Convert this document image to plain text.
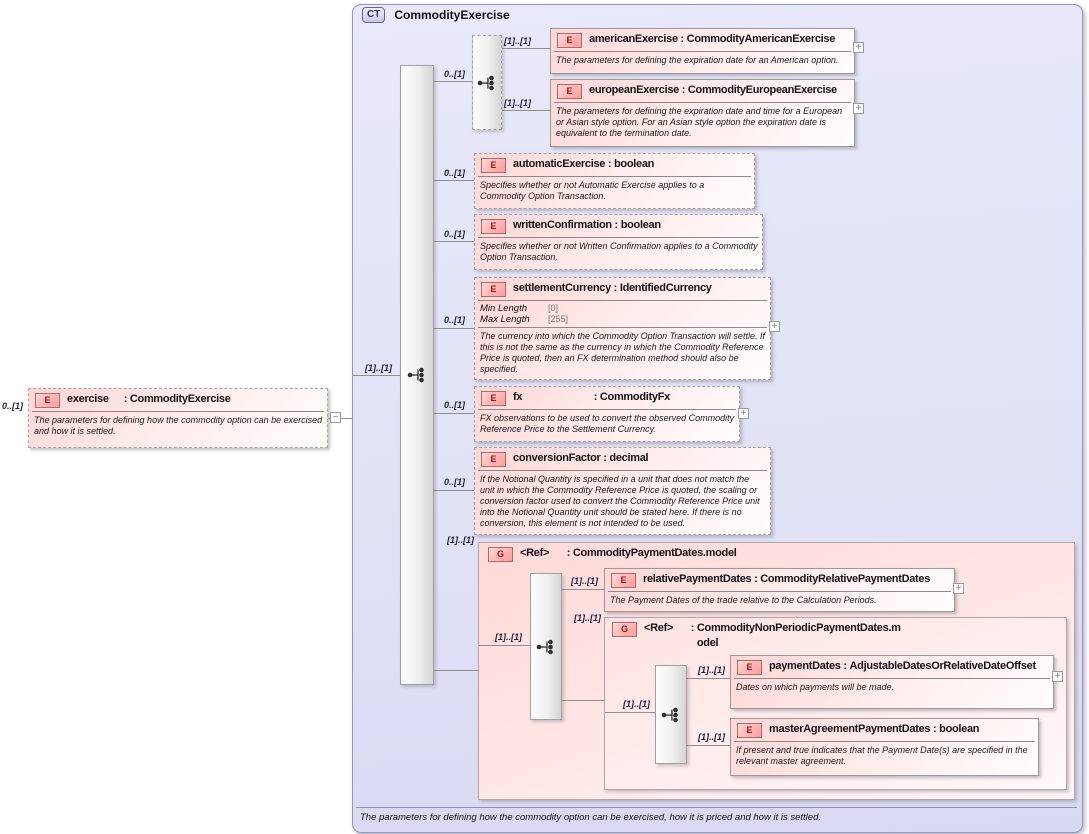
CT	CommodityExercise
The parameters for defining how the commodity option can be exercised, how it is priced and how it is settled.
G	<Ref> : CommodityPaymentDates.model
G	<Ref> : CommodityNonPeriodicPaymentDates.model
0..[1]
[1]..[1]
0..[1]
[1]..[1]
[1]..[1]
0..[1]
0..[1]
0..[1]
0..[1]
0..[1]
[1]..[1]
[1]..[1]
[1]..[1]
[1]..[1]
[1]..[1]
[1]..[1]
[1]..[1]
E	exercise : CommodityExercise
The parameters for defining how the commodity option can be exercised and how it is settled.
−
E	americanExercise : CommodityAmericanExercise
The parameters for defining the expiration date for an American option.
+
E	europeanExercise : CommodityEuropeanExercise
The parameters for defining the expiration date and time for a European or Asian style option. For an Asian style option the expiration date is equivalent to the termination date.
+
E	automaticExercise : boolean
Specifies whether or not Automatic Exercise applies to a Commodity Option Transaction.
E	writtenConfirmation : boolean
Specifies whether or not Written Confirmation applies to a Commodity Option Transaction.
E	settlementCurrency : IdentifiedCurrency
Min Length	[0]
Max Length	[255]
The currency into which the Commodity Option Transaction will settle. If this is not the same as the currency in which the Commodity Reference Price is quoted, then an FX determination method should also be specified.
+
E	fx	: CommodityFx
FX observations to be used to convert the observed Commodity Reference Price to the Settlement Currency.
+
E	conversionFactor : decimal
If the Notional Quantity is specified in a unit that does not match the unit in which the Commodity Reference Price is quoted, the scaling or conversion factor used to convert the Commodity Reference Price unit into the Notional Quantity unit should be stated here. If there is no conversion, this element is not intended to be used.
E	relativePaymentDates : CommodityRelativePaymentDates
The Payment Dates of the trade relative to the Calculation Periods.
+
E	paymentDates : AdjustableDatesOrRelativeDateOffset
Dates on which payments will be made.
+
E	masterAgreementPaymentDates : boolean
If present and true indicates that the Payment Date(s) are specified in the relevant master agreement.
